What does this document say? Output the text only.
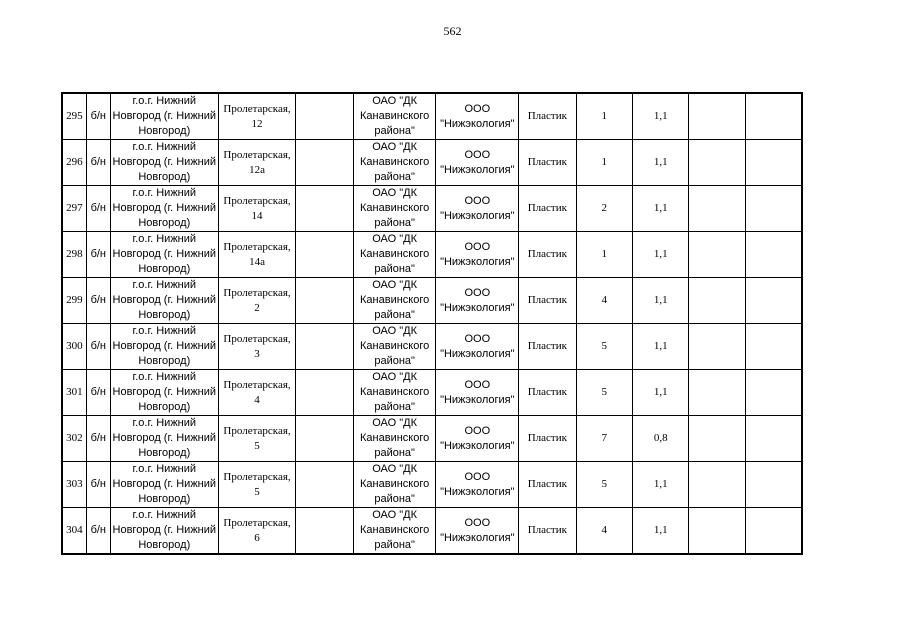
562
295	б/н	г.о.г. Нижний Новгород (г. Нижний Новгород)	Пролетарская, 12		ОАО "ДК Канавинского района"	ООО "Нижэкология"	Пластик	1	1,1		
296	б/н	г.о.г. Нижний Новгород (г. Нижний Новгород)	Пролетарская, 12а		ОАО "ДК Канавинского района"	ООО "Нижэкология"	Пластик	1	1,1		
297	б/н	г.о.г. Нижний Новгород (г. Нижний Новгород)	Пролетарская, 14		ОАО "ДК Канавинского района"	ООО "Нижэкология"	Пластик	2	1,1		
298	б/н	г.о.г. Нижний Новгород (г. Нижний Новгород)	Пролетарская, 14а		ОАО "ДК Канавинского района"	ООО "Нижэкология"	Пластик	1	1,1		
299	б/н	г.о.г. Нижний Новгород (г. Нижний Новгород)	Пролетарская, 2		ОАО "ДК Канавинского района"	ООО "Нижэкология"	Пластик	4	1,1		
300	б/н	г.о.г. Нижний Новгород (г. Нижний Новгород)	Пролетарская, 3		ОАО "ДК Канавинского района"	ООО "Нижэкология"	Пластик	5	1,1		
301	б/н	г.о.г. Нижний Новгород (г. Нижний Новгород)	Пролетарская, 4		ОАО "ДК Канавинского района"	ООО "Нижэкология"	Пластик	5	1,1		
302	б/н	г.о.г. Нижний Новгород (г. Нижний Новгород)	Пролетарская, 5		ОАО "ДК Канавинского района"	ООО "Нижэкология"	Пластик	7	0,8		
303	б/н	г.о.г. Нижний Новгород (г. Нижний Новгород)	Пролетарская, 5		ОАО "ДК Канавинского района"	ООО "Нижэкология"	Пластик	5	1,1		
304	б/н	г.о.г. Нижний Новгород (г. Нижний Новгород)	Пролетарская, 6		ОАО "ДК Канавинского района"	ООО "Нижэкология"	Пластик	4	1,1		
